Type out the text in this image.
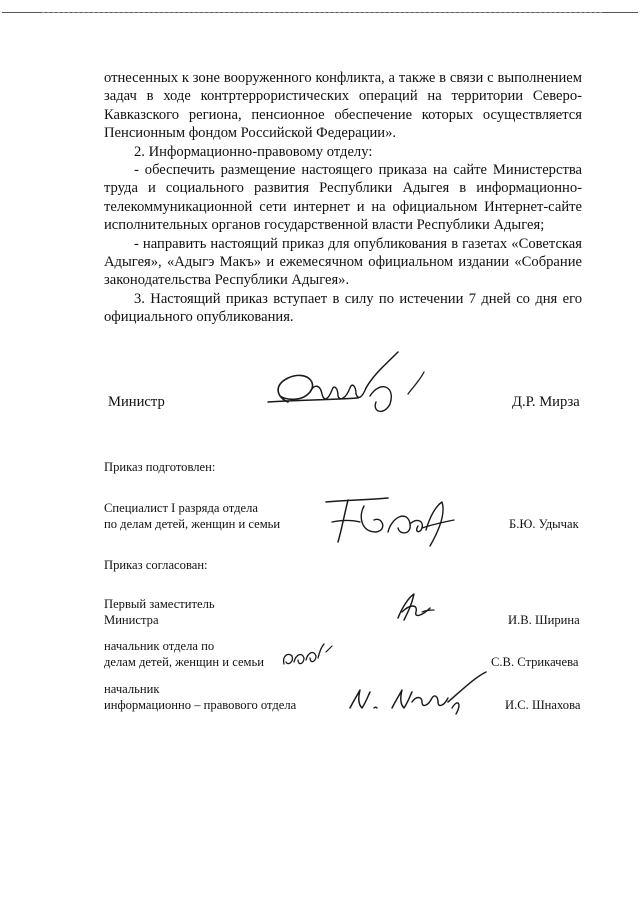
отнесенных к зоне вооруженного конфликта, а также в связи с выполнением задач в ходе контртеррористических операций на территории Северо-Кавказского региона, пенсионное обеспечение которых осуществляется Пенсионным фондом Российской Федерации».

2. Информационно-правовому отделу:

- обеспечить размещение настоящего приказа на сайте Министерства труда и социального развития Республики Адыгея в информационно-телекоммуникационной сети интернет и на официальном Интернет-сайте исполнительных органов государственной власти Республики Адыгея;

- направить настоящий приказ для опубликования в газетах «Советская Адыгея», «Адыгэ Макъ» и ежемесячном официальном издании «Собрание законодательства Республики Адыгея».

3. Настоящий приказ вступает в силу по истечении 7 дней со дня его официального опубликования.

Министр	Д.Р. Мирза
Приказ подготовлен:
Специалист I разряда отдела
по делам детей, женщин и семьи	Б.Ю. Удычак
Приказ согласован:
Первый заместитель
Министра	И.В. Ширина
начальник отдела по
делам детей, женщин и семьи	С.В. Стрикачева
начальник
информационно – правового отдела	И.С. Шнахова
